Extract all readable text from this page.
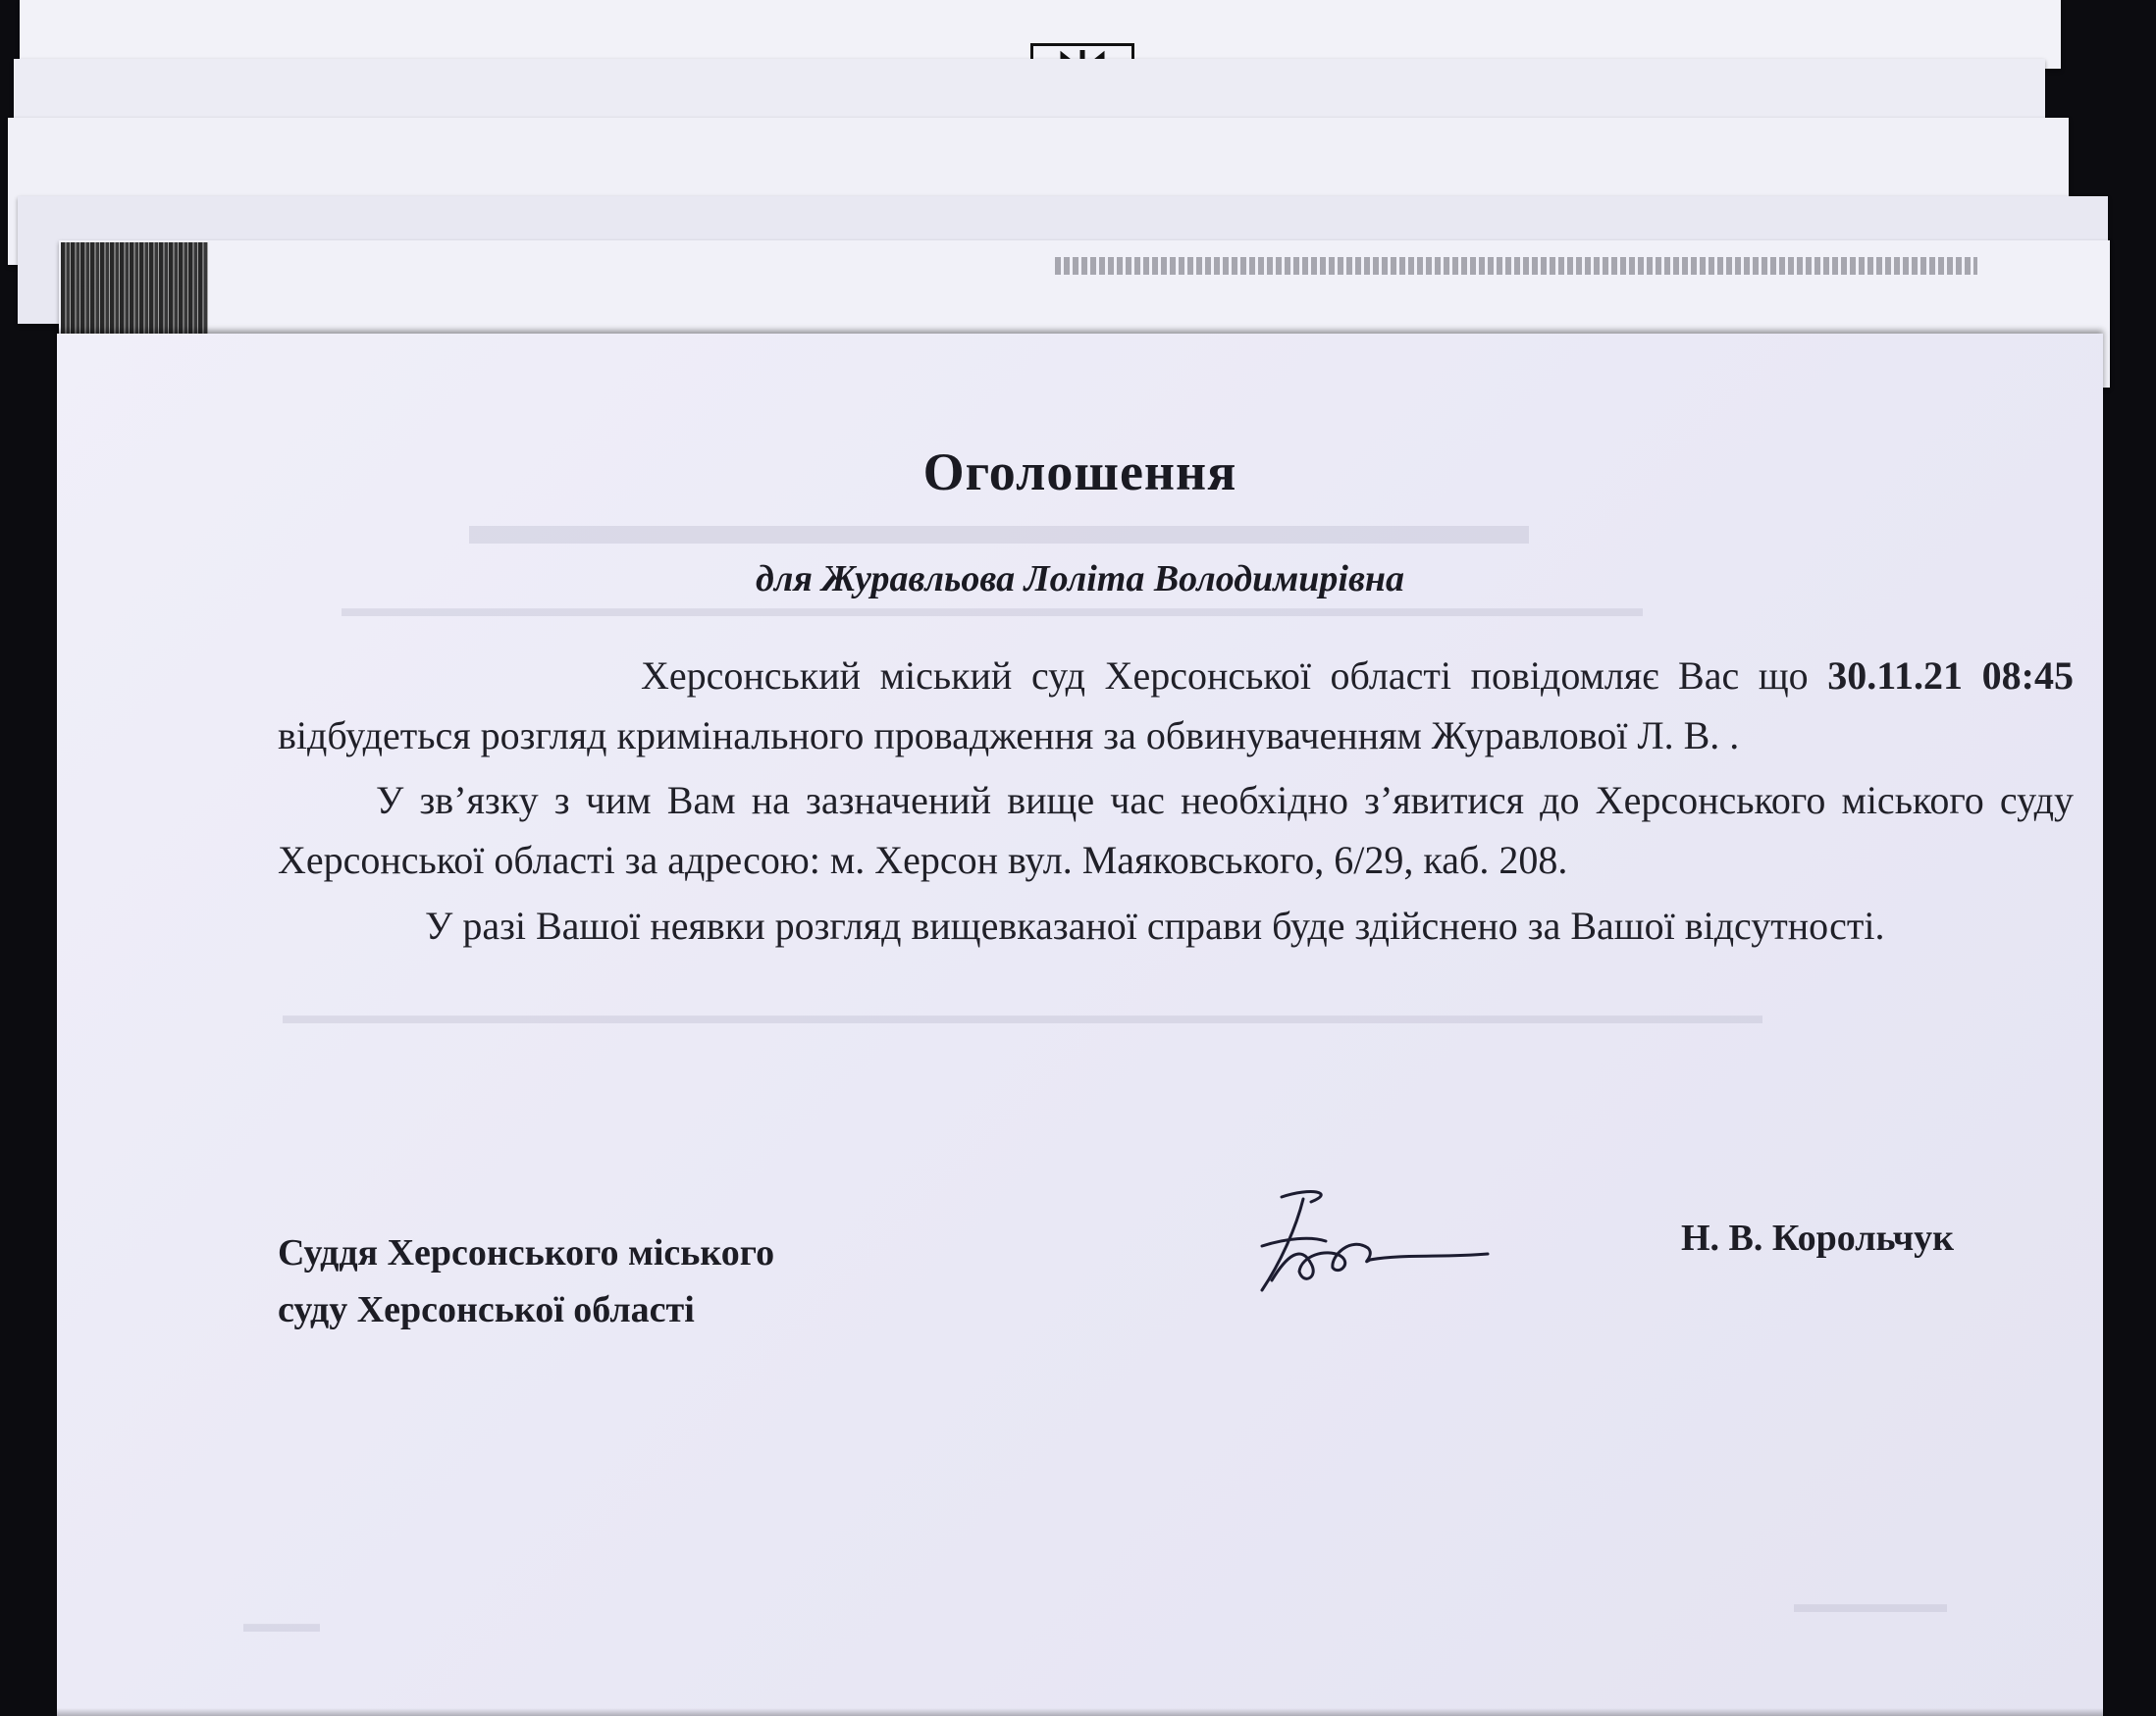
▬▬▬▬▬▬▬▬▬▬▬▬▬▬▬▬▬▬
▬▬▬▬▬▬▬▬▬▬▬▬▬▬▬▬▬▬▬▬▬▬▬▬▬▬▬▬▬▬▬▬▬▬▬▬▬▬▬▬▬▬▬▬▬▬▬▬▬▬▬
▬▬▬▬▬▬▬▬▬▬▬▬▬▬▬▬▬▬▬▬▬▬▬▬▬▬▬▬▬▬▬▬▬▬▬▬▬▬▬▬▬▬▬▬▬▬▬▬▬▬▬▬▬▬▬▬▬▬
▬▬▬
▬▬▬▬▬▬
Оголошення
для Журавльова Лоліта Володимирівна

Херсонський міський суд Херсонської області повідомляє Вас що 30.11.21 08:45 відбудеться розгляд кримінального провадження за обвинуваченням Журавлової Л. В. .

У зв’язку з чим Вам на зазначений вище час необхідно з’явитися до Херсонського міського суду Херсонської області за адресою: м. Херсон вул. Маяковського, 6/29, каб. 208.

У разі Вашої неявки розгляд вищевказаної справи буде здійснено за Вашої відсутності.

Суддя Херсонського міського
суду Херсонської області
Н. В. Корольчук
